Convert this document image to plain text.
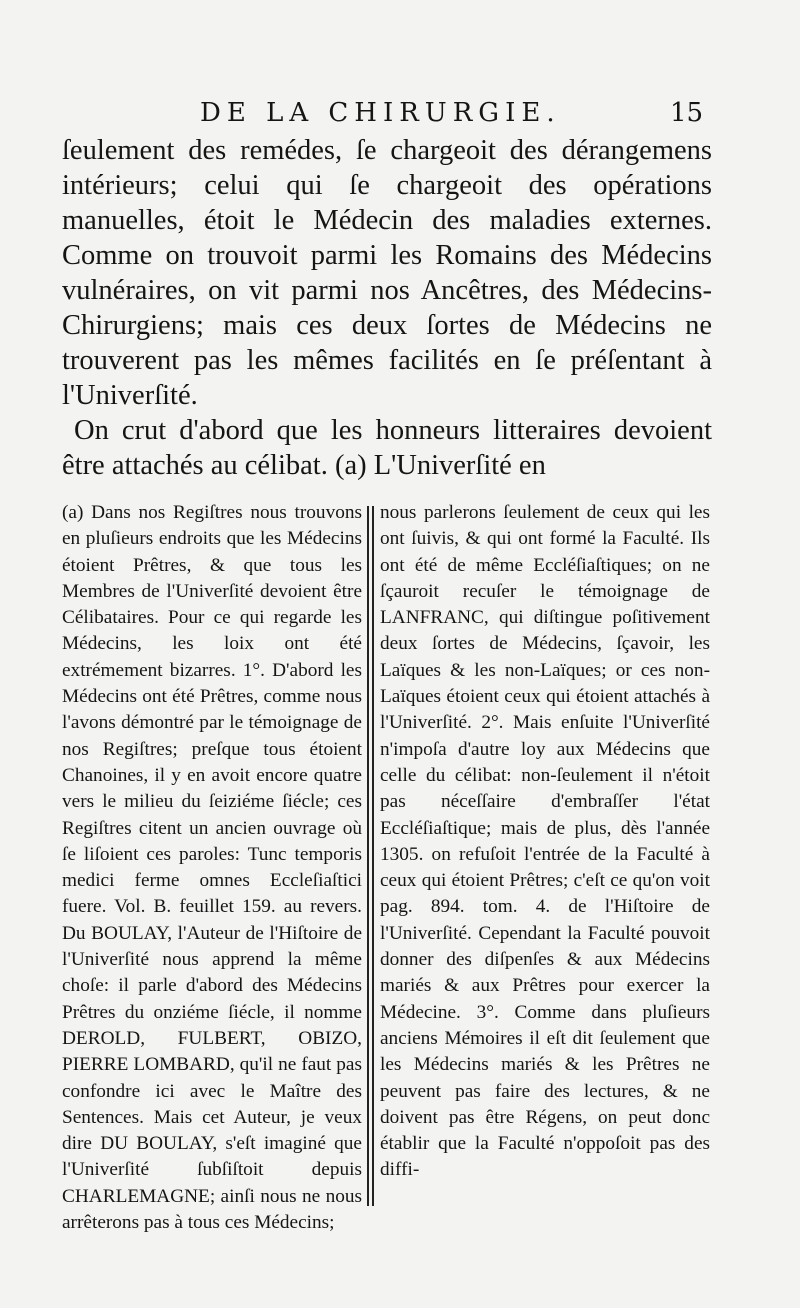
DE LA CHIRURGIE.	15

ſeulement des remédes, ſe chargeoit des dérangemens intérieurs; celui qui ſe chargeoit des opérations manuelles, étoit le Médecin des maladies externes. Comme on trouvoit parmi les Romains des Médecins vulnéraires, on vit parmi nos Ancêtres, des Médecins-Chirurgiens; mais ces deux ſortes de Médecins ne trouverent pas les mêmes facilités en ſe préſentant à l'Univerſité.

On crut d'abord que les honneurs litteraires devoient être attachés au célibat. (a) L'Univerſité en

(a) Dans nos Regiſtres nous trouvons en pluſieurs endroits que les Médecins étoient Prêtres, & que tous les Membres de l'Univerſité devoient être Célibataires. Pour ce qui regarde les Médecins, les loix ont été extrémement bizarres. 1°. D'abord les Médecins ont été Prêtres, comme nous l'avons démontré par le témoignage de nos Regiſtres; preſque tous étoient Chanoines, il y en avoit encore quatre vers le milieu du ſeiziéme ſiécle; ces Regiſtres citent un ancien ouvrage où ſe liſoient ces paroles: Tunc temporis medici ferme omnes Eccleſiaſtici fuere. Vol. B. feuillet 159. au revers. Du BOULAY, l'Auteur de l'Hiſtoire de l'Univerſité nous apprend la même choſe: il parle d'abord des Médecins Prêtres du onziéme ſiécle, il nomme DEROLD, FULBERT, OBIZO, PIERRE LOMBARD, qu'il ne faut pas confondre ici avec le Maître des Sentences. Mais cet Auteur, je veux dire DU BOULAY, s'eſt imaginé que l'Univerſité ſubſiſtoit depuis CHARLEMAGNE; ainſi nous ne nous arrêterons pas à tous ces Médecins;

nous parlerons ſeulement de ceux qui les ont ſuivis, & qui ont formé la Faculté. Ils ont été de même Eccléſiaſtiques; on ne ſçauroit recuſer le témoignage de LANFRANC, qui diſtingue poſitivement deux ſortes de Médecins, ſçavoir, les Laïques & les non-Laïques; or ces non-Laïques étoient ceux qui étoient attachés à l'Univerſité. 2°. Mais enſuite l'Univerſité n'impoſa d'autre loy aux Médecins que celle du célibat: non-ſeulement il n'étoit pas néceſſaire d'embraſſer l'état Eccléſiaſtique; mais de plus, dès l'année 1305. on refuſoit l'entrée de la Faculté à ceux qui étoient Prêtres; c'eſt ce qu'on voit pag. 894. tom. 4. de l'Hiſtoire de l'Univerſité. Cependant la Faculté pouvoit donner des diſpenſes & aux Médecins mariés & aux Prêtres pour exercer la Médecine. 3°. Comme dans pluſieurs anciens Mémoires il eſt dit ſeulement que les Médecins mariés & les Prêtres ne peuvent pas faire des lectures, & ne doivent pas être Régens, on peut donc établir que la Faculté n'oppoſoit pas des diffi-
